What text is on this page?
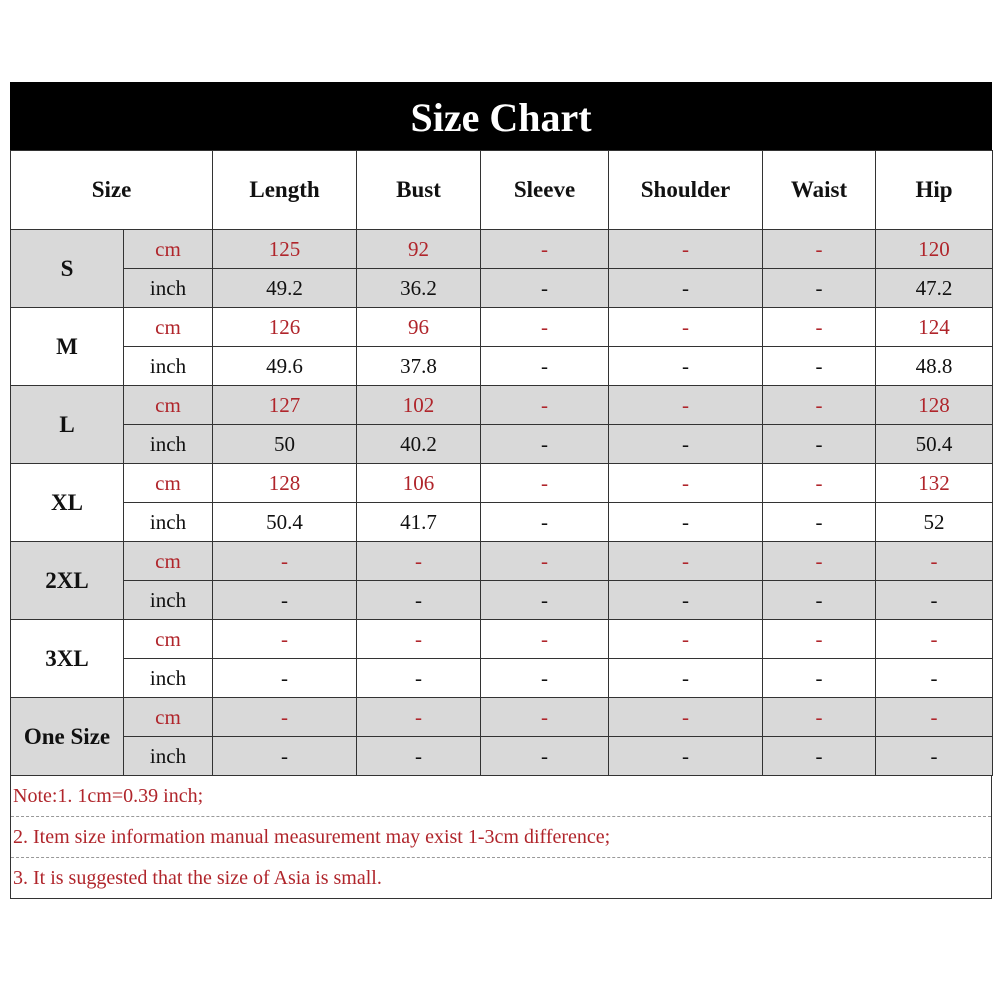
Size Chart
Size		Length	Bust	Sleeve	Shoulder	Waist	Hip
S	cm	125	92	-	-	-	120
	inch	49.2	36.2	-	-	-	47.2
M	cm	126	96	-	-	-	124
	inch	49.6	37.8	-	-	-	48.8
L	cm	127	102	-	-	-	128
	inch	50	40.2	-	-	-	50.4
XL	cm	128	106	-	-	-	132
	inch	50.4	41.7	-	-	-	52
2XL	cm	-	-	-	-	-	-
	inch	-	-	-	-	-	-
3XL	cm	-	-	-	-	-	-
	inch	-	-	-	-	-	-
One Size	cm	-	-	-	-	-	-
	inch	-	-	-	-	-	-
Note:1. 1cm=0.39 inch;
2. Item size information manual measurement may exist 1-3cm difference;
3. It is suggested that the size of Asia is small.
